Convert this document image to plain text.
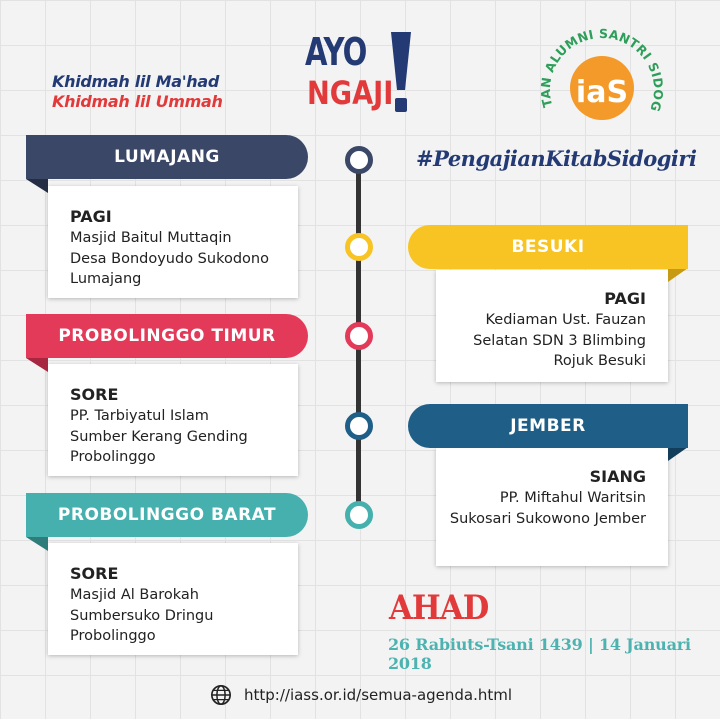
Khidmah lil Ma'had
Khidmah lil Ummah
AYO
NGAJI	TAN ALUMNI SANTRI SIDOG
iaS
#PengajianKitabSidogiri
PAGI
Masjid Baitul Muttaqin
Desa Bondoyudo Sukodono
Lumajang
LUMAJANG
PAGI
Kediaman Ust. Fauzan
Selatan SDN 3 Blimbing
Rojuk Besuki
BESUKI
SORE
PP. Tarbiyatul Islam
Sumber Kerang Gending
Probolinggo
PROBOLINGGO TIMUR
SIANG
PP. Miftahul Waritsin
Sukosari Sukowono Jember
JEMBER
SORE
Masjid Al Barokah
Sumbersuko Dringu
Probolinggo
PROBOLINGGO BARAT
AHAD
26 Rabiuts-Tsani 1439 | 14 Januari 2018
http://iass.or.id/semua-agenda.html
